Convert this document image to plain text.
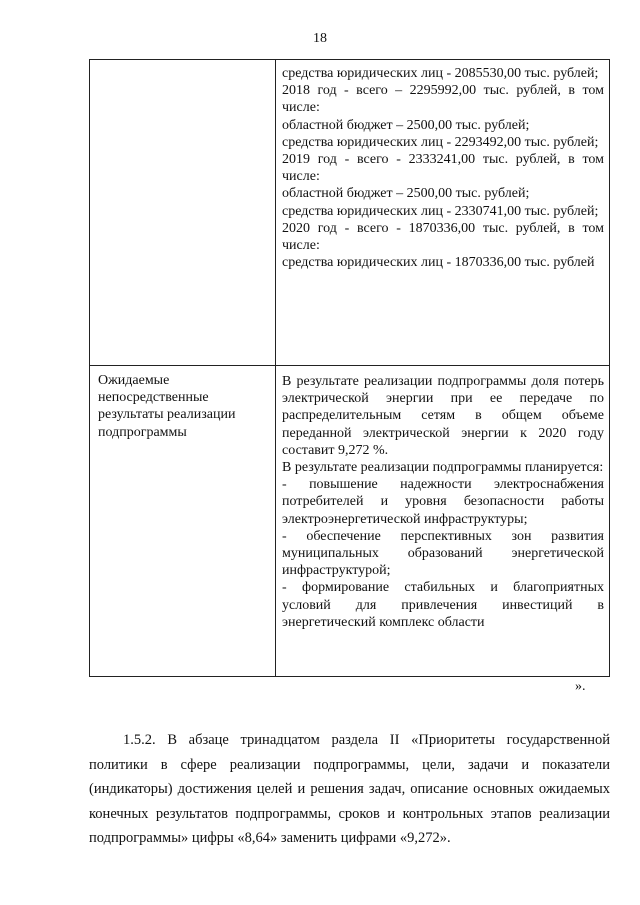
18

средства юридических лиц - 2085530,00 тыс. рублей;

2018 год - всего – 2295992,00 тыс. рублей, в том числе:

областной бюджет – 2500,00 тыс. рублей;

средства юридических лиц - 2293492,00 тыс. рублей;

2019 год - всего - 2333241,00 тыс. рублей, в том числе:

областной бюджет – 2500,00 тыс. рублей;

средства юридических лиц - 2330741,00 тыс. рублей;

2020 год - всего - 1870336,00 тыс. рублей, в том числе:

средства юридических лиц - 1870336,00 тыс. рублей

Ожидаемые непосредственные результаты реализации подпрограммы

В результате реализации подпрограммы доля потерь электрической энергии при ее передаче по распределительным сетям в общем объеме переданной электрической энергии к 2020 году составит 9,272 %.

В результате реализации подпрограммы планируется:

- повышение надежности электроснабжения потребителей и уровня безопасности работы электроэнергетической инфраструктуры;

- обеспечение перспективных зон развития муниципальных образований энергетической инфраструктурой;

- формирование стабильных и благоприятных условий для привлечения инвестиций в энергетический комплекс области

».

1.5.2. В абзаце тринадцатом раздела II «Приоритеты государственной политики в сфере реализации подпрограммы, цели, задачи и показатели (индикаторы) достижения целей и решения задач, описание основных ожидаемых конечных результатов подпрограммы, сроков и контрольных этапов реализации подпрограммы» цифры «8,64» заменить цифрами «9,272».
